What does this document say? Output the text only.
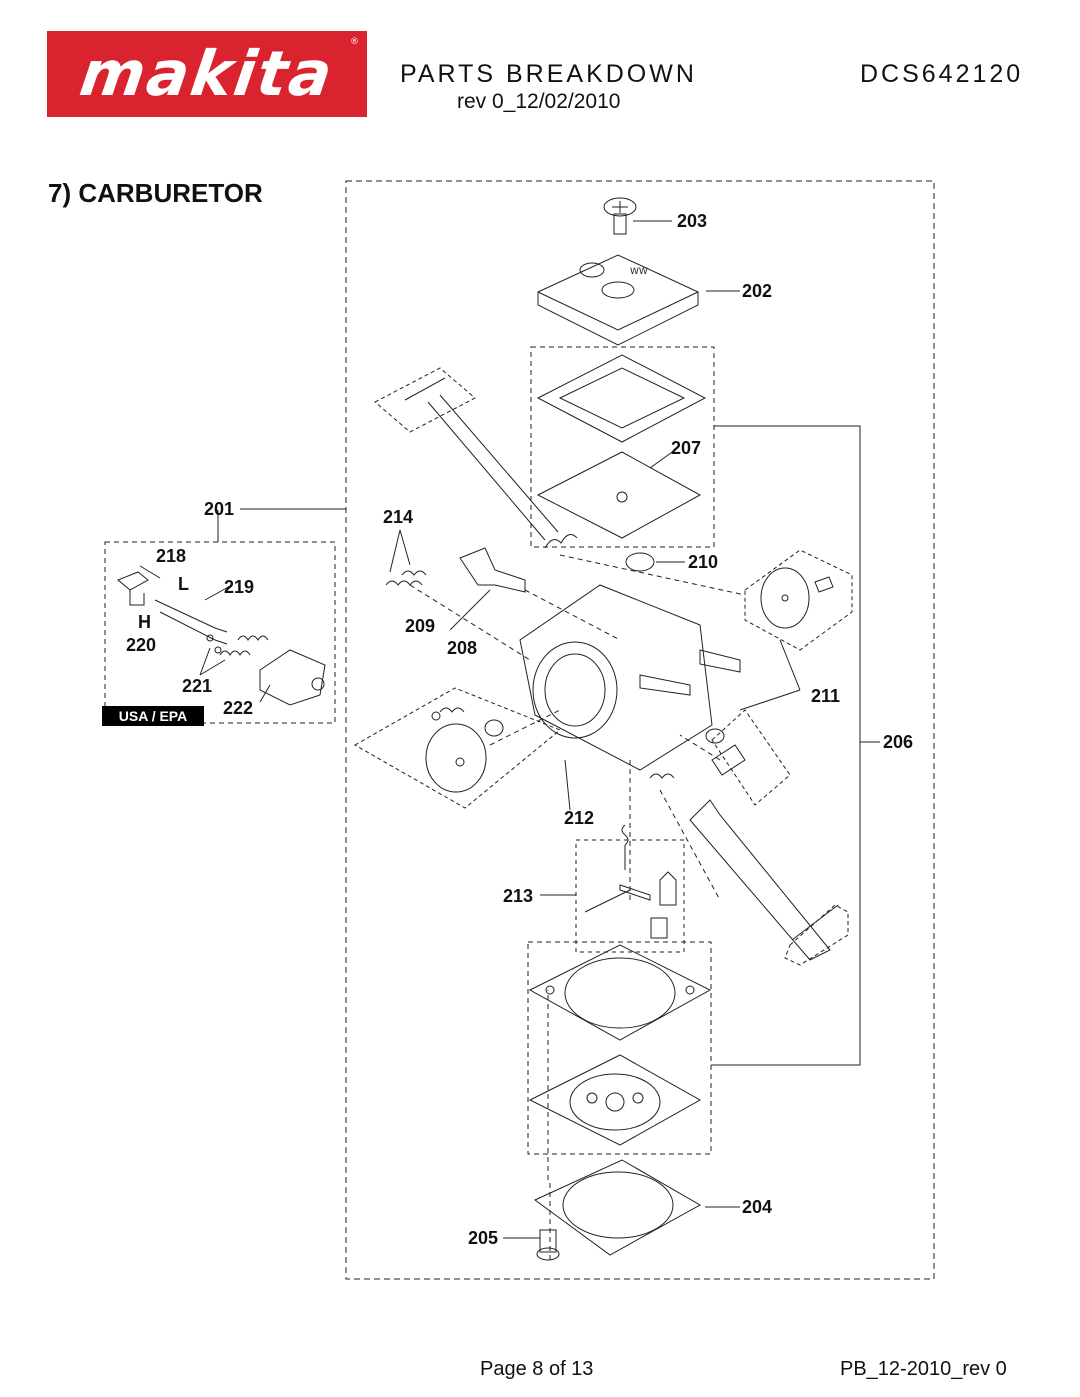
makita	®
PARTS BREAKDOWN	DCS642120
rev 0_12/02/2010
7) CARBURETOR
WW
203
202
207
201	214
210
218
L 219
H
220
209
208
221
222
211
206
212
213
204
205
USA / EPA
Page 8 of 13	PB_12-2010_rev 0
